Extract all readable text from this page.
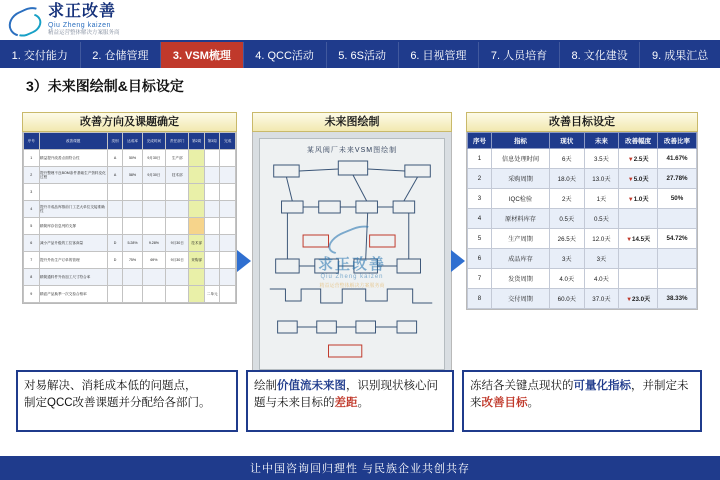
求正改善
Qiu Zheng kaizen
精益运营整体解决方案服务商
1. 交付能力	2. 仓储管理	3. VSM梳理	4. QCC活动	5. 6S活动	6. 目视管理	7. 人员培育	8. 文化建设	9. 成果汇总
3）未来图绘制&目标设定
改善方向及课题确定
序号	改善课题	类别	达成率	完成时间	责任部门	第2周	第3周	完成
1	精益提升改善点面符合性	A	50%	9月30日	生产部			
2	提升整理不良BOM条件基础生产资料变化过程	A	58%	9月30日	技术部			
3								
4	提升半成品库推前门工艺大单位交接准确性							
5	精简库存信息列的支撑							
6	减小产品升级的工位客商量	D	5.28%	9.28%	9月30日	技术部		
7	提升外协生产订单的管理	D	75%	69%	9月30日	采购部		
8	精简通料件外协加工尺寸符合率							
9	精滤产品换季一次交检合格率						二单元	
未来图绘制
某风阀厂未来VSM图绘制
求正改善
Qiu Zheng kaizen
精益运营整体解决方案服务商
改善目标设定
序号	指标	现状	未来	改善幅度	改善比率
1	信息处理时间	6天	3.5天	▼2.5天	41.67%
2	采购周期	18.0天	13.0天	▼5.0天	27.78%
3	IQC检验	2天	1天	▼1.0天	50%
4	原材料库存	0.5天	0.5天		
5	生产周期	26.5天	12.0天	▼14.5天	54.72%
6	成品库存	3天	3天		
7	发货周期	4.0天	4.0天		
8	交付周期	60.0天	37.0天	▼23.0天	38.33%
对易解决、消耗成本低的问题点，
制定QCC改善课题并分配给各部门。
绘制价值流未来图，识别现状核心问题与未来目标的差距。
冻结各关键点现状的可量化指标，并制定未来改善目标。
让中国咨询回归理性 与民族企业共创共存
